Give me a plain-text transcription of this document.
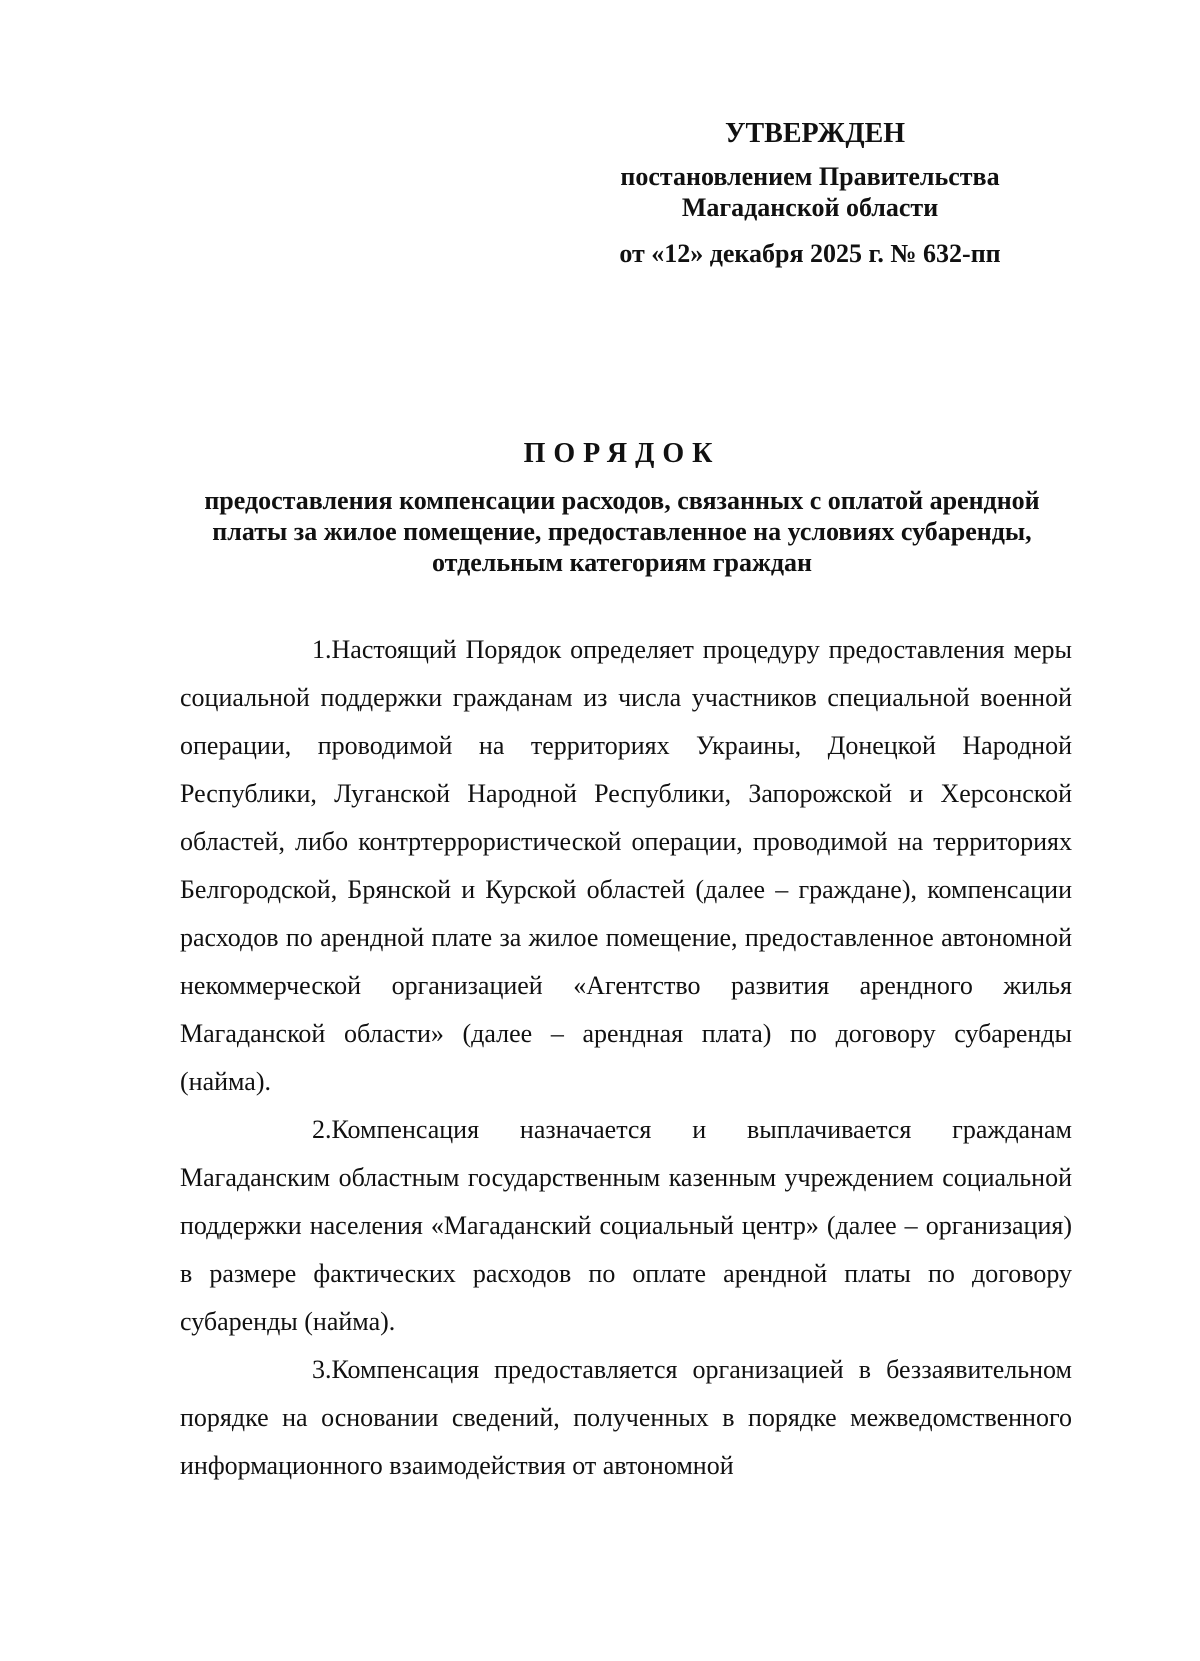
УТВЕРЖДЕН
постановлением Правительства
Магаданской области
от «12» декабря 2025 г. № 632-пп
ПОРЯДОК
предоставления компенсации расходов, связанных с оплатой арендной платы за жилое помещение, предоставленное на условиях субаренды, отдельным категориям граждан

1.Настоящий Порядок определяет процедуру предоставления меры социальной поддержки гражданам из числа участников специальной военной операции, проводимой на территориях Украины, Донецкой Народной Республики, Луганской Народной Республики, Запорожской и Херсонской областей, либо контртеррористической операции, проводимой на территориях Белгородской, Брянской и Курской областей (далее – граждане), компенсации расходов по арендной плате за жилое помещение, предоставленное автономной некоммерческой организацией «Агентство развития арендного жилья Магаданской области» (далее – арендная плата) по договору субаренды (найма).

2.Компенсация назначается и выплачивается гражданам Магаданским областным государственным казенным учреждением социальной поддержки населения «Магаданский социальный центр» (далее – организация) в размере фактических расходов по оплате арендной платы по договору субаренды (найма).

3.Компенсация предоставляется организацией в беззаявительном порядке на основании сведений, полученных в порядке межведомственного информационного взаимодействия от автономной
